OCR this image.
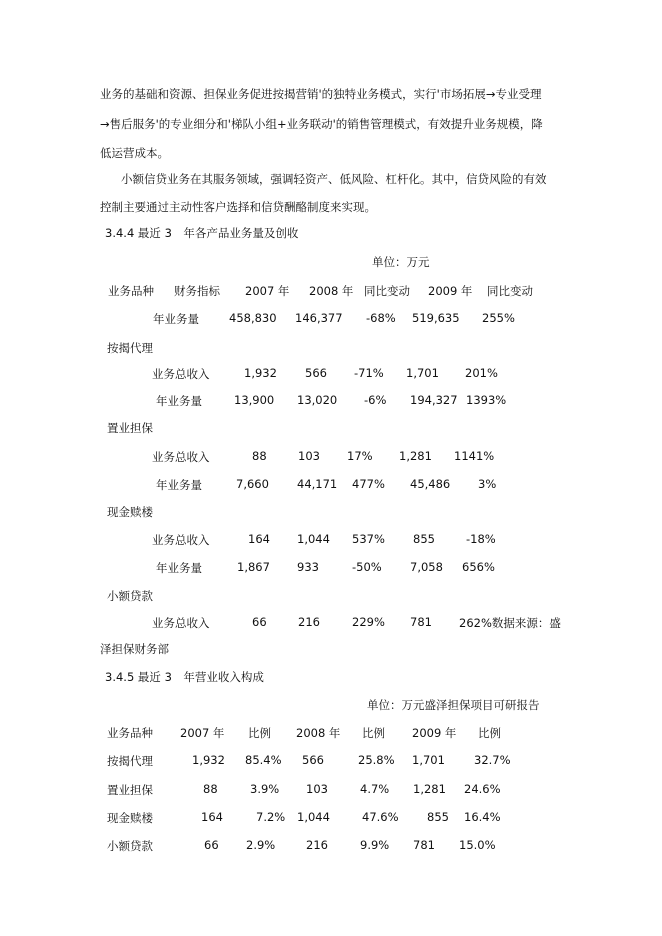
业务的基础和资源、担保业务促进按揭营销'的独特业务模式，实行'市场拓展→专业受理
→售后服务'的专业细分和'梯队小组+业务联动'的销售管理模式，有效提升业务规模，降
低运营成本。
小额信贷业务在其服务领域，强调轻资产、低风险、杠杆化。其中，信贷风险的有效
控制主要通过主动性客户选择和信贷酬酪制度来实现。
3.4.4 最近 3　年各产品业务量及创收
单位：万元
业务品种 财务指标 2007 年 2008 年 同比变动 2009 年 同比变动
年业务量	458,830 146,377 -68% 519,635 255%
按揭代理
业务总收入	1,932 566 -71% 1,701 201%
年业务量	13,900 13,020 -6% 194,327 1393%
置业担保
业务总收入	88	103 17% 1,281 1141%
年业务量	7,660 44,171 477% 45,486 3%
现金赎楼
业务总收入	164 1,044 537% 855	-18%
年业务量	1,867 933	-50% 7,058 656%
小额贷款
业务总收入	66	216	229% 781 262%数据来源：盛
泽担保财务部
3.4.5 最近 3　年营业收入构成
单位：万元盛泽担保项目可研报告
业务品种 2007 年 比例 2008 年 比例 2009 年 比例
按揭代理	1,932 85.4% 566	25.8% 1,701	32.7%
置业担保	88	3.9% 103	4.7% 1,281 24.6%
现金赎楼	164	7.2% 1,044	47.6% 855 16.4%
小额贷款	66 2.9%	216	9.9% 781 15.0%
